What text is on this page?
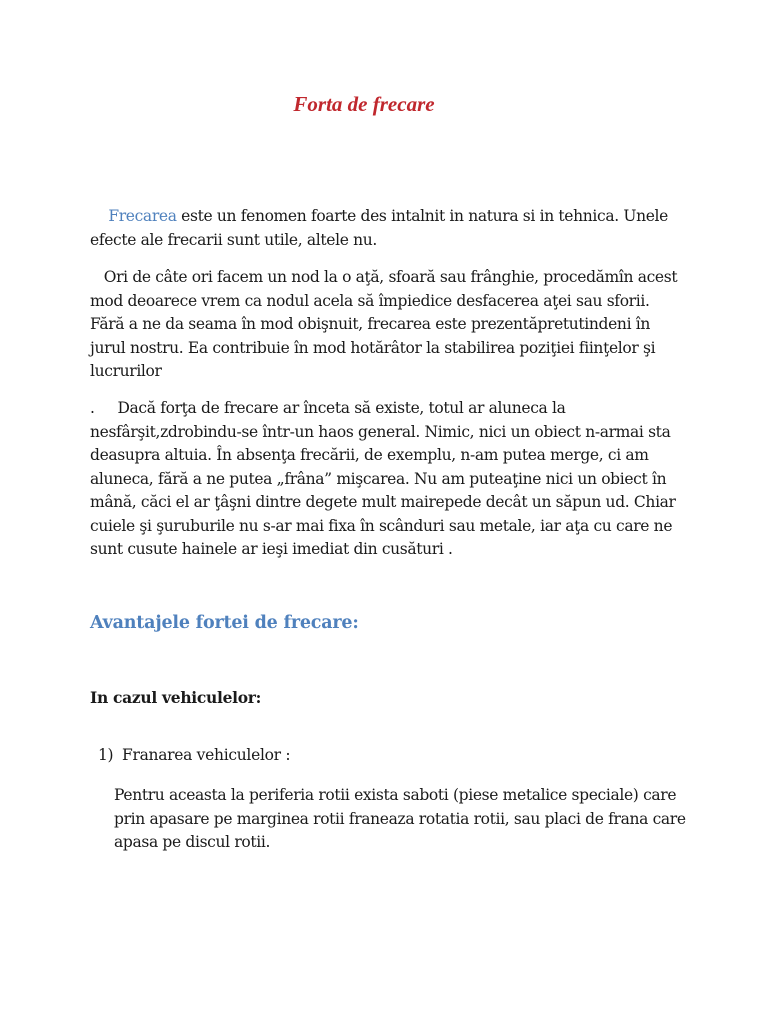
Forta de frecare

Frecarea este un fenomen foarte des intalnit in natura si in tehnica. Unele efecte ale frecarii sunt utile, altele nu.

Ori de câte ori facem un nod la o aţă, sfoară sau frânghie, procedămîn acest mod deoarece vrem ca nodul acela să împiedice desfacerea aţei sau sforii. Fără a ne da seama în mod obişnuit, frecarea este prezentăpretutindeni în jurul nostru. Ea contribuie în mod hotărâtor la stabilirea poziţiei fiinţelor şi lucrurilor

.     Dacă forţa de frecare ar înceta să existe, totul ar aluneca la nesfârşit,zdrobindu-se într-un haos general. Nimic, nici un obiect n-armai sta deasupra altuia. În absenţa frecării, de exemplu, n-am putea merge, ci am aluneca, fără a ne putea „frâna” mişcarea. Nu am puteaţine nici un obiect în mână, căci el ar ţâşni dintre degete mult mairepede decât un săpun ud. Chiar cuiele şi şuruburile nu s-ar mai fixa în scânduri sau metale, iar aţa cu care ne sunt cusute hainele ar ieşi imediat din cusături .

Avantajele fortei de frecare:
In cazul vehiculelor:

1) Franarea vehiculelor :

Pentru aceasta la periferia rotii exista saboti (piese metalice speciale) care prin apasare pe marginea rotii franeaza rotatia rotii, sau placi de frana care apasa pe discul rotii.
